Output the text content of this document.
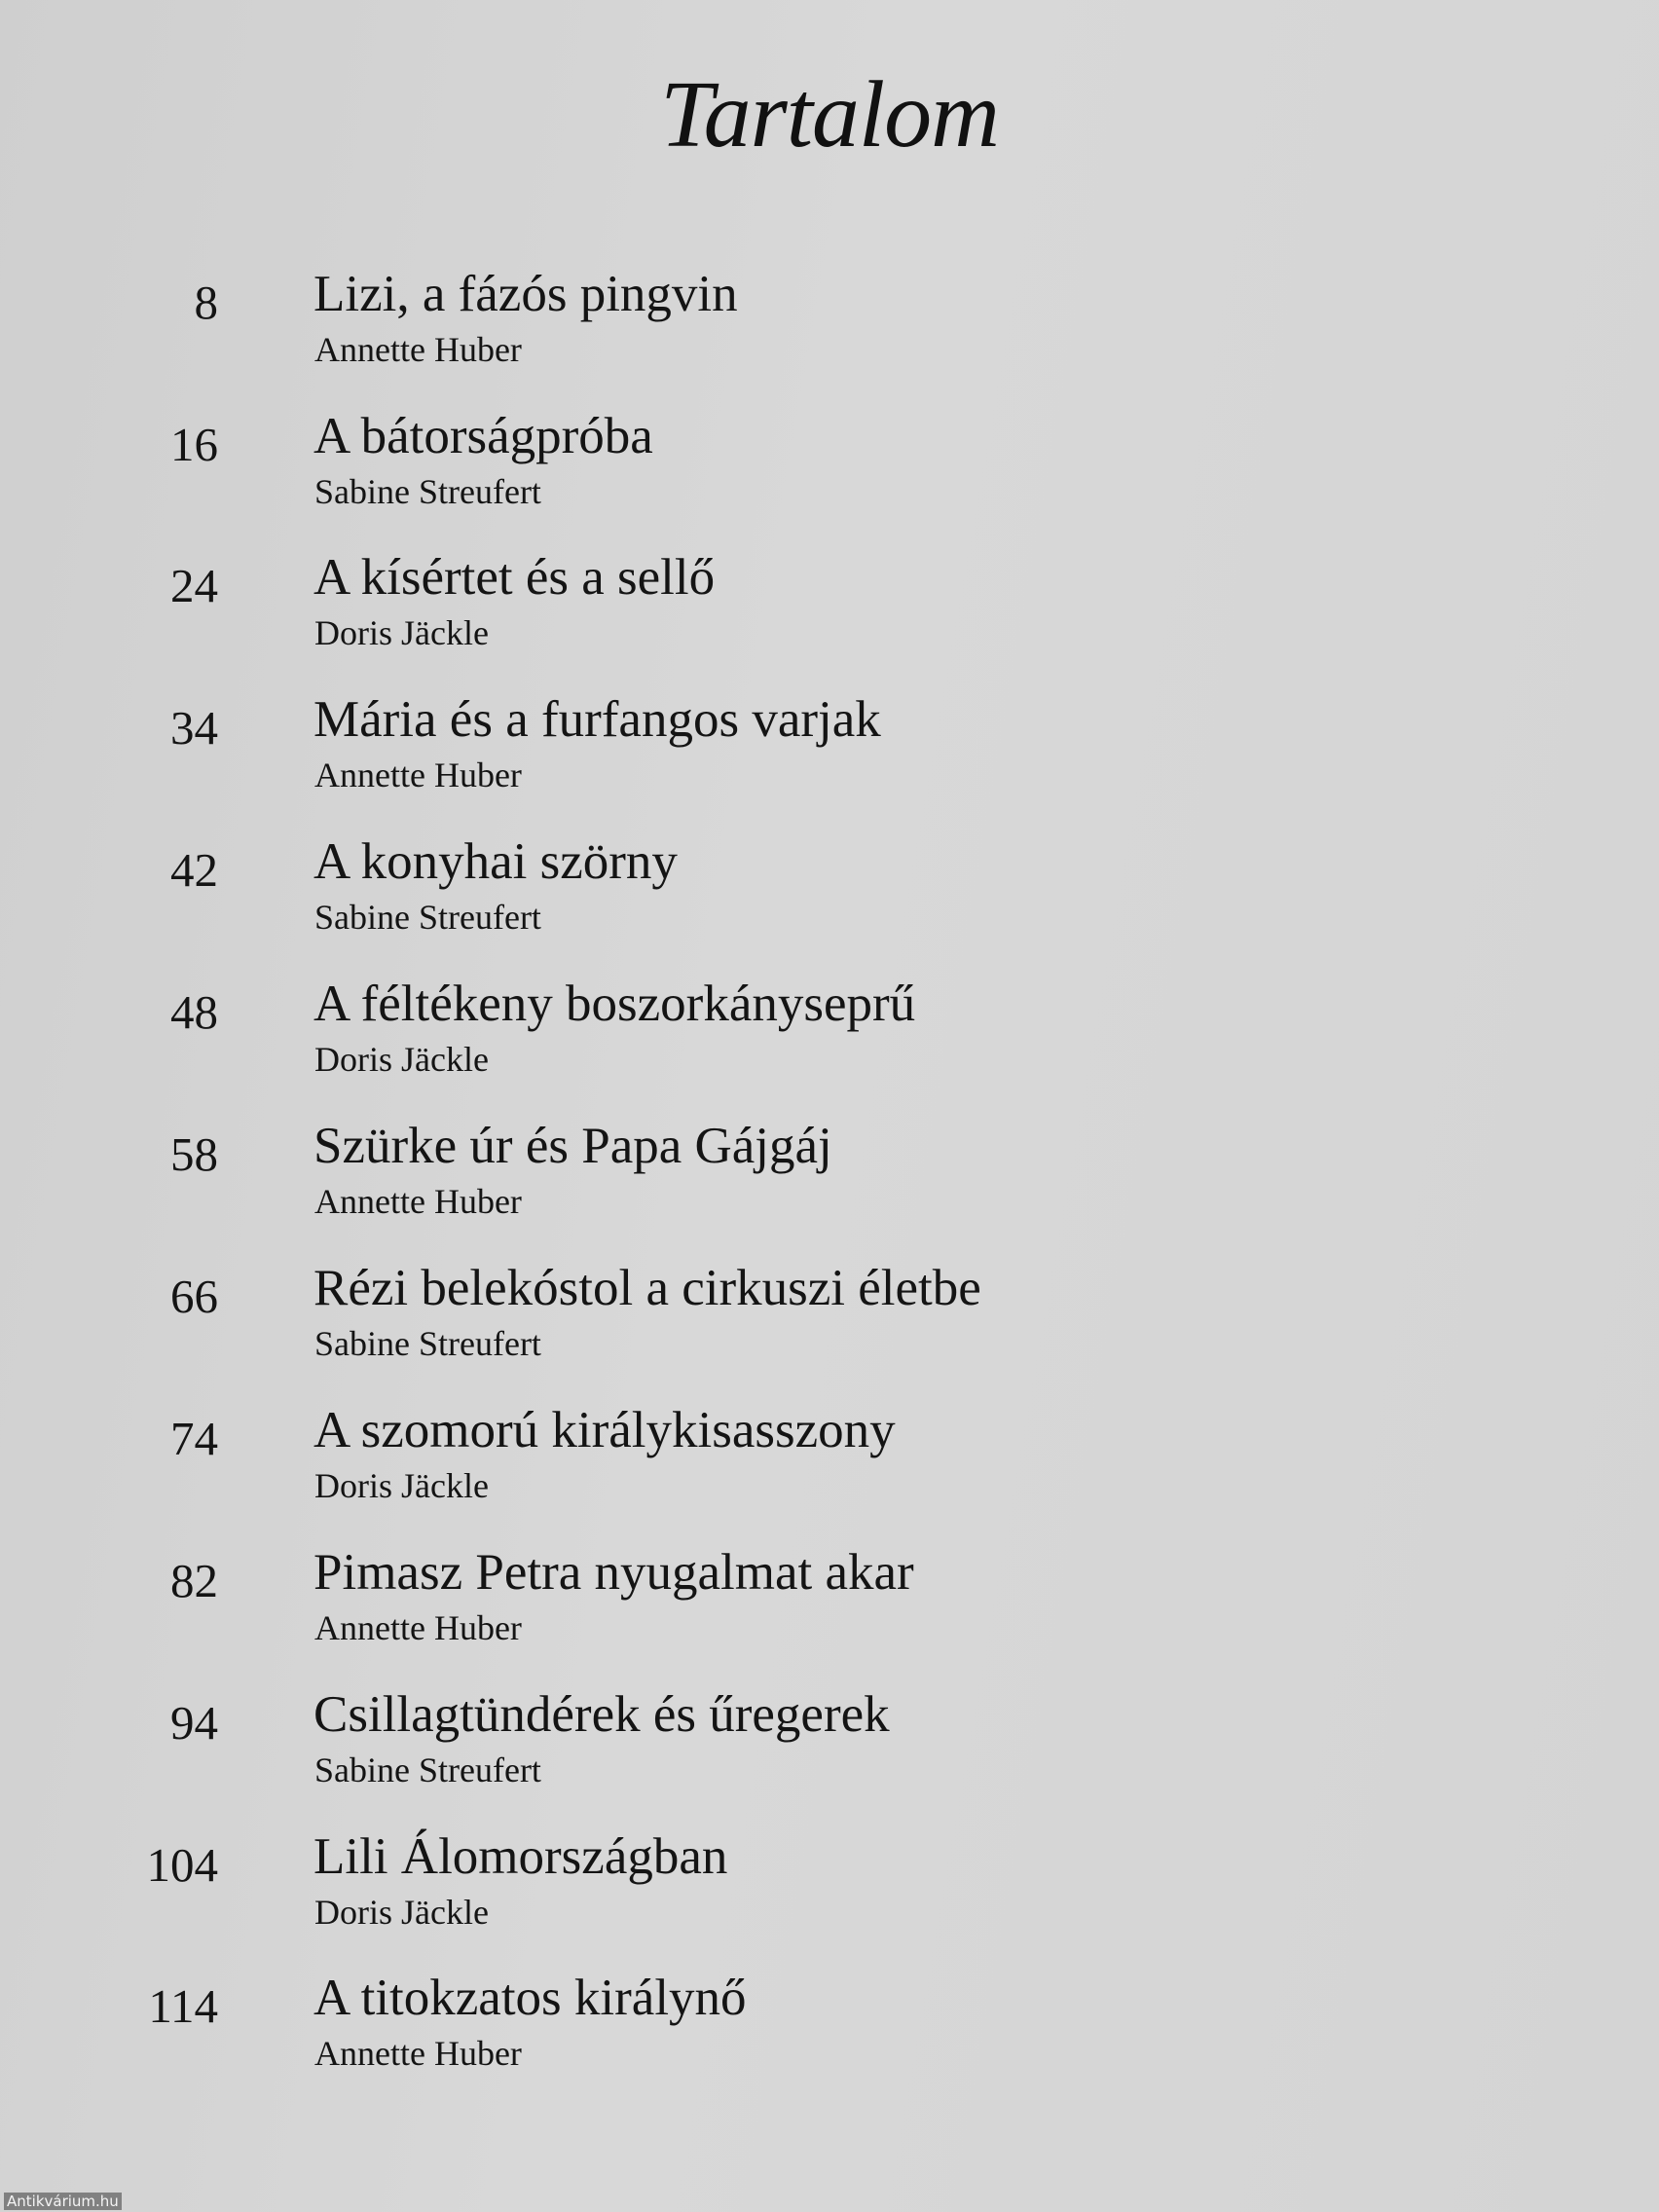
Tartalom
8 Lizi, a fázós pingvin
Annette Huber
16 A bátorságpróba
Sabine Streufert
24 A kísértet és a sellő
Doris Jäckle
34 Mária és a furfangos varjak
Annette Huber
42 A konyhai szörny
Sabine Streufert
48 A féltékeny boszorkányseprű
Doris Jäckle
58 Szürke úr és Papa Gájgáj
Annette Huber
66 Rézi belekóstol a cirkuszi életbe
Sabine Streufert
74 A szomorú királykisasszony
Doris Jäckle
82 Pimasz Petra nyugalmat akar
Annette Huber
94 Csillagtündérek és űregerek
Sabine Streufert
104 Lili Álomországban
Doris Jäckle
114 A titokzatos királynő
Annette Huber
Antikvárium.hu
